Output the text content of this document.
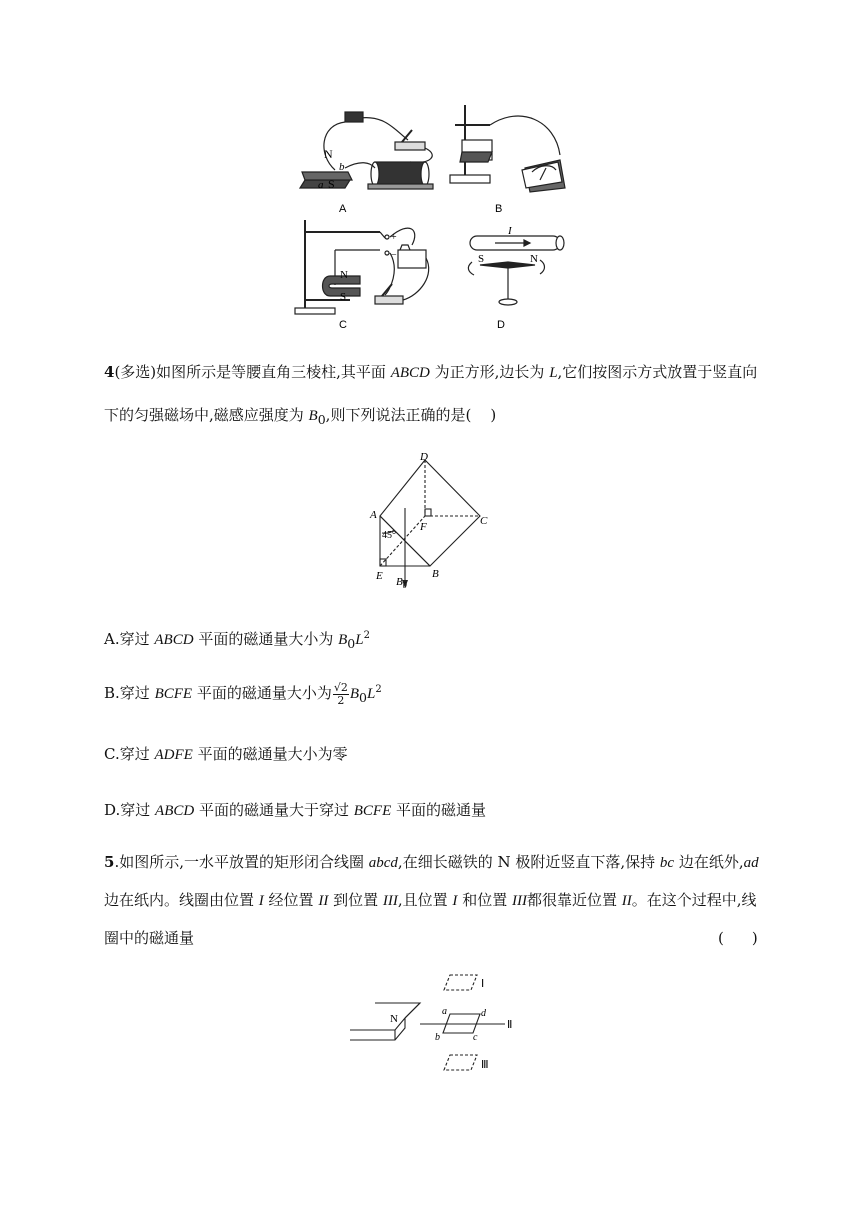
N
S
a
b
A	B
N
S
+
−
C
I
S	N
D
4(多选)如图所示是等腰直角三棱柱,其平面 ABCD 为正方形,边长为 L,它们按图示方式放置于竖直向
下的匀强磁场中,磁感应强度为 $B_0$,则下列说法正确的是( )
D
A	C
F
E	B
45°
$B_0$
A.穿过 ABCD 平面的磁通量大小为 $B_0L^2$
B.穿过 BCFE 平面的磁通量大小为 $\frac{√2}{2} B_0L^2$
C.穿过 ADFE 平面的磁通量大小为零
D.穿过 ABCD 平面的磁通量大于穿过 BCFE 平面的磁通量
5.如图所示,一水平放置的矩形闭合线圈 abcd,在细长磁铁的 N 极附近竖直下落,保持 bc 边在纸外,ad
边在纸内。线圈由位置 I 经位置 II 到位置 III,且位置 I 和位置 III都很靠近位置 II。在这个过程中,线
圈中的磁通量	( )
N
a
b	c
d
Ⅰ
Ⅱ
Ⅲ
